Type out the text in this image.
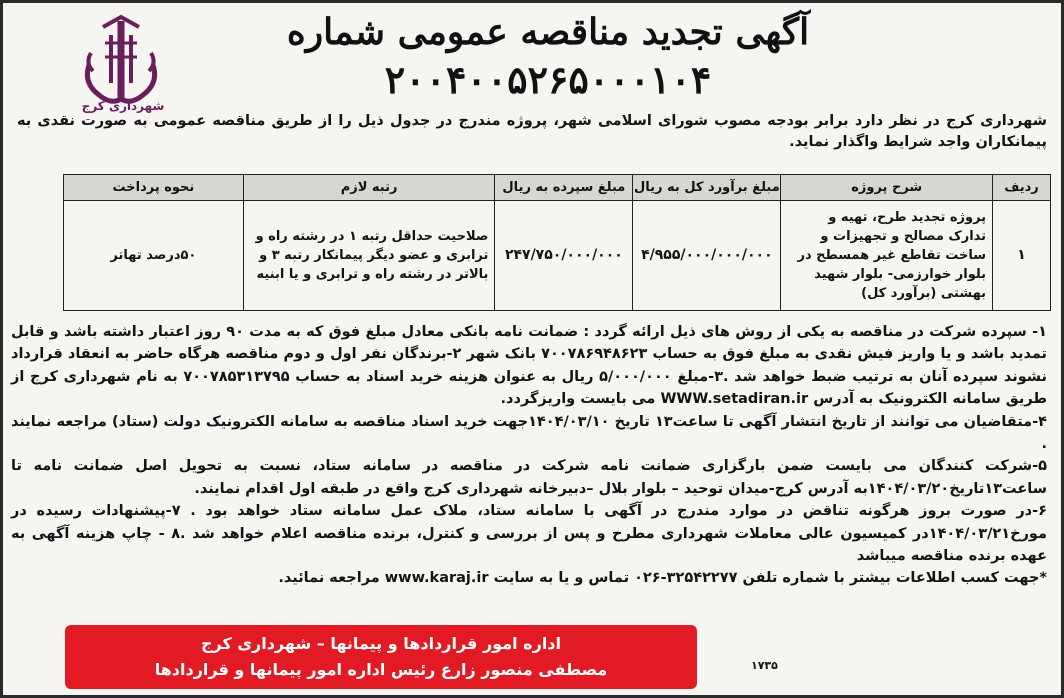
شهرداری کرج
آگهی تجدید مناقصه عمومی شماره
۲۰۰۴۰۰۵۲۶۵۰۰۰۱۰۴
شهرداری کرج در نظر دارد برابر بودجه مصوب شورای اسلامی شهر، پروژه مندرج در جدول ذیل را از طریق مناقصه عمومی به صورت نقدی به پیمانکاران واجد شرایط واگذار نماید.
ردیف	شرح پروژه	مبلغ برآورد کل به ریال	مبلغ سپرده به ریال	رتبه لازم	نحوه پرداخت
۱	پروژه تجدید طرح، تهیه و تدارک مصالح و تجهیزات و ساخت تقاطع غیر همسطح در بلوار خوارزمی- بلوار شهید بهشتی (برآورد کل)	۴/۹۵۵/۰۰۰/۰۰۰/۰۰۰	۲۴۷/۷۵۰/۰۰۰/۰۰۰	صلاحیت حداقل رتبه ۱ در رشته راه و ترابری و عضو دیگر پیمانکار رتبه ۳ و بالاتر در رشته راه و ترابری و یا ابنیه	۵۰درصد تهاتر

۱- سپرده شرکت در مناقصه به یکی از روش های ذیل ارائه گردد : ضمانت نامه بانکی معادل مبلغ فوق که به مدت ۹۰ روز اعتبار داشته باشد و قابل تمدید باشد و یا واریز فیش نقدی به مبلغ فوق به حساب ۷۰۰۷۸۶۹۴۸۶۲۳ بانک شهر ۲-برندگان نفر اول و دوم مناقصه هرگاه حاضر به انعقاد قرارداد نشوند سپرده آنان به ترتیب ضبط خواهد شد .۳-مبلغ ۵/۰۰۰/۰۰۰ ریال به عنوان هزینه خرید اسناد به حساب ۷۰۰۷۸۵۳۱۳۷۹۵ به نام شهرداری کرج از طریق سامانه الکترونیک به آدرس WWW.setadiran.ir می بایست واریزگردد.

۴-متقاضیان می توانند از تاریخ انتشار آگهی تا ساعت۱۳ تاریخ ۱۴۰۴/۰۳/۱۰جهت خرید اسناد مناقصه به سامانه الکترونیک دولت (ستاد) مراجعه نمایند .

۵-شرکت کنندگان می بایست ضمن بارگزاری ضمانت نامه شرکت در مناقصه در سامانه ستاد، نسبت به تحویل اصل ضمانت نامه تا ساعت۱۳تاریخ۱۴۰۴/۰۳/۲۰به آدرس کرج-میدان توحید – بلوار بلال –دبیرخانه شهرداری کرج واقع در طبقه اول اقدام نمایند.

۶-در صورت بروز هرگونه تناقض در موارد مندرج در آگهی با سامانه ستاد، ملاک عمل سامانه ستاد خواهد بود . ۷-پیشنهادات رسیده در مورخ۱۴۰۴/۰۳/۲۱در کمیسیون عالی معاملات شهرداری مطرح و پس از بررسی و کنترل، برنده مناقصه اعلام خواهد شد .۸ - چاپ هزینه آگهی به عهده برنده مناقصه میباشد

*جهت کسب اطلاعات بیشتر با شماره تلفن ۳۲۵۴۲۲۷۷-۰۲۶ تماس و یا به سایت www.karaj.ir مراجعه نمائید.

اداره امور قراردادها و پیمانها – شهرداری کرج
مصطفی منصور زارع رئیس اداره امور پیمانها و قراردادها	۱۷۳۵
